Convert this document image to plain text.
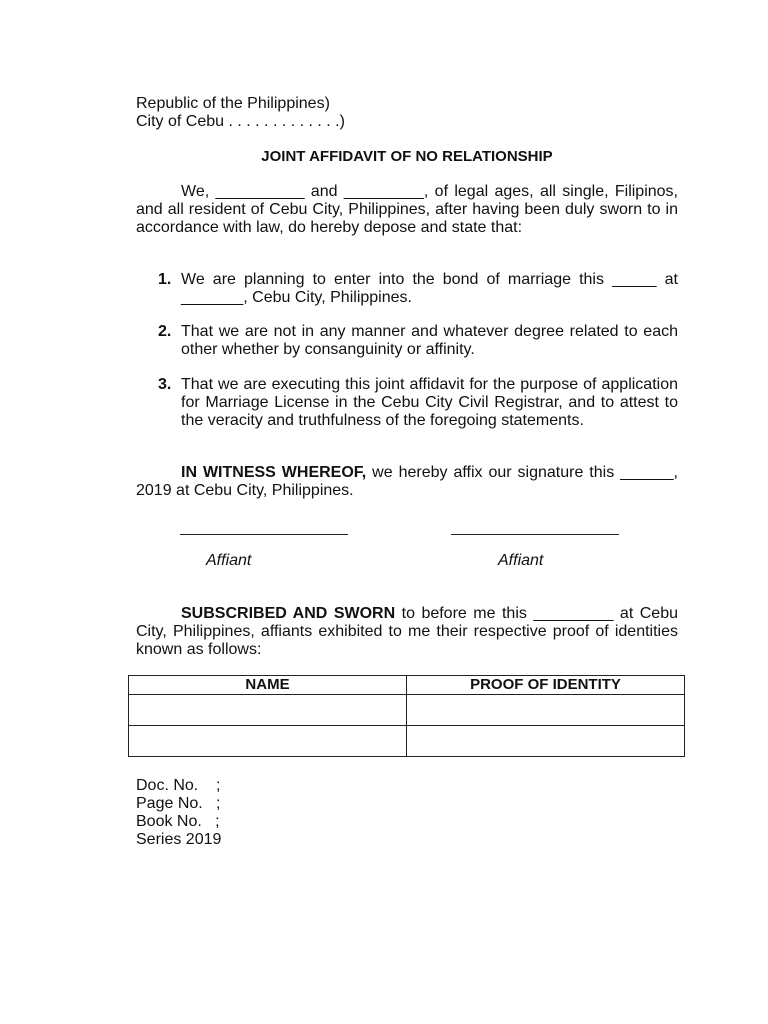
Republic of the Philippines)
City of Cebu . . . . . . . . . . . . .)
JOINT AFFIDAVIT OF NO RELATIONSHIP
We, __________ and _________, of legal ages, all single, Filipinos, and all resident of Cebu City, Philippines, after having been duly sworn to in accordance with law, do hereby depose and state that:
1. We are planning to enter into the bond of marriage this _____ at _______, Cebu City, Philippines.
2. That we are not in any manner and whatever degree related to each other whether by consanguinity or affinity.
3. That we are executing this joint affidavit for the purpose of application for Marriage License in the Cebu City Civil Registrar, and to attest to the veracity and truthfulness of the foregoing statements.
IN WITNESS WHEREOF, we hereby affix our signature this ______, 2019 at Cebu City, Philippines.
Affiant	Affiant
SUBSCRIBED AND SWORN to before me this _________ at Cebu City, Philippines, affiants exhibited to me their respective proof of identities known as follows:
NAME	PROOF OF IDENTITY

Doc. No.    ;
Page No.   ;
Book No.   ;
Series 2019
